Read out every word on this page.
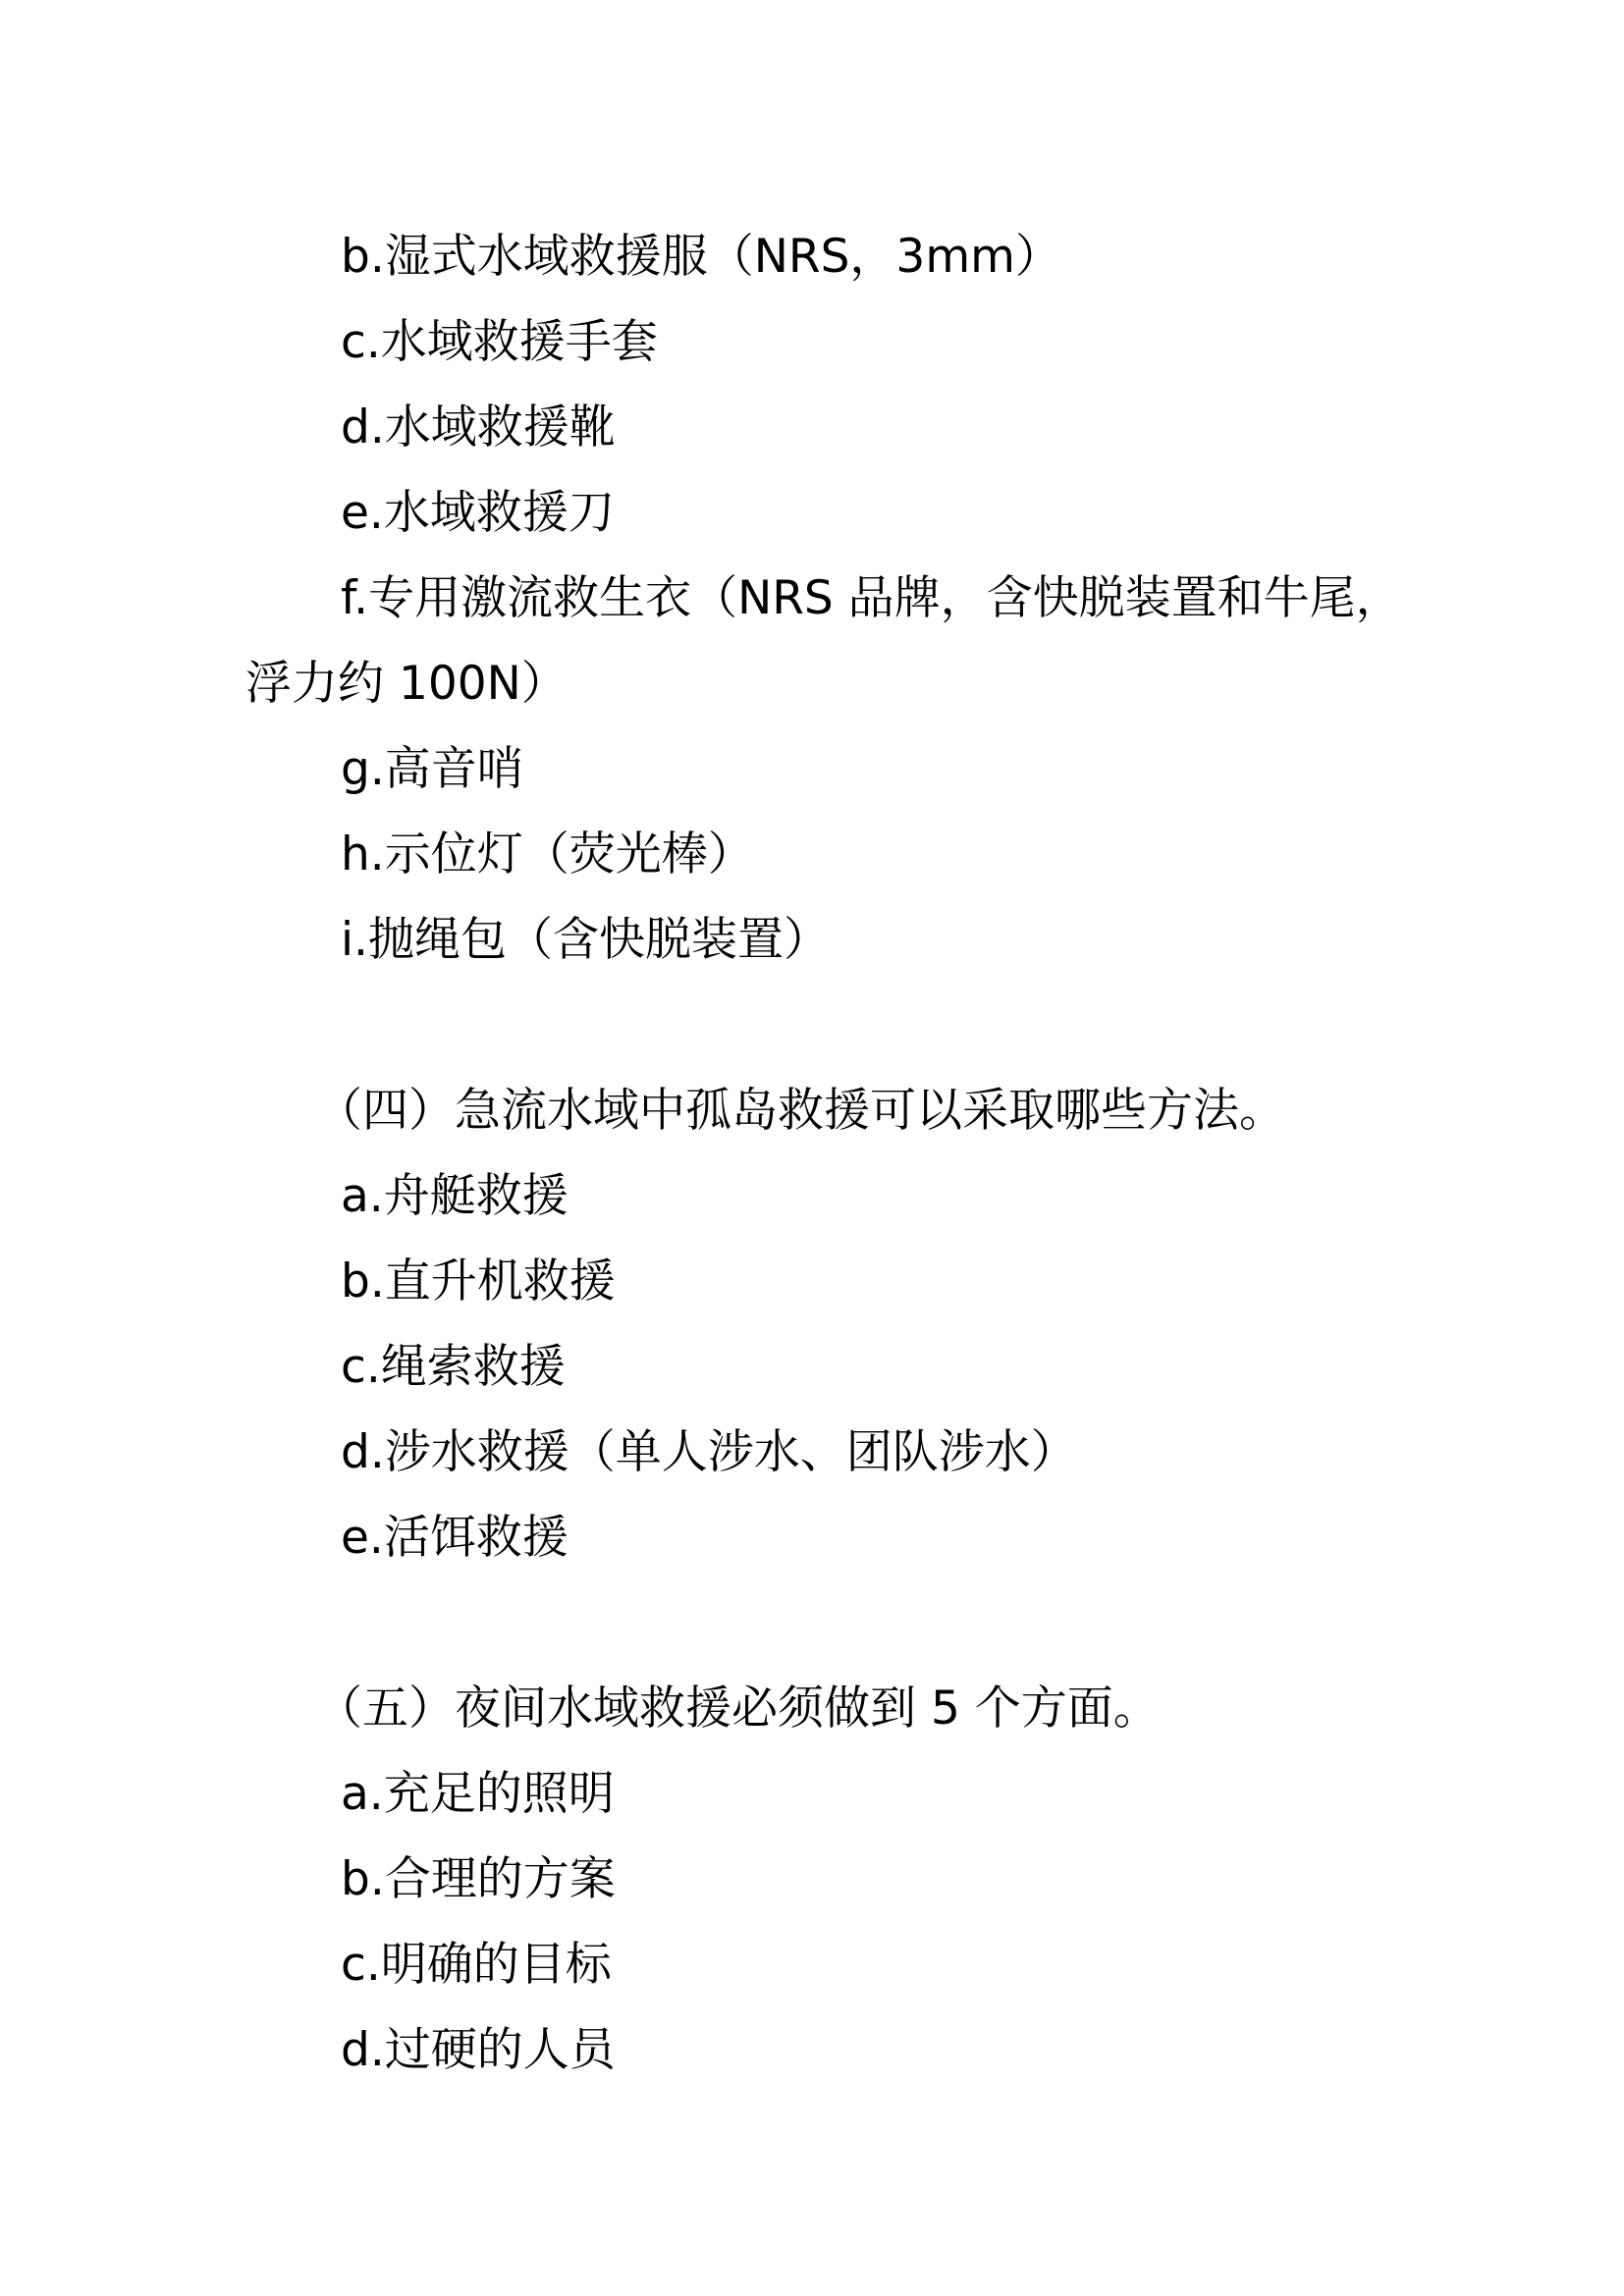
b.湿式水域救援服（NRS，3mm）
c.水域救援手套
d.水域救援靴
e.水域救援刀
f.专用激流救生衣（NRS 品牌，含快脱装置和牛尾，
浮力约 100N）
g.高音哨
h.示位灯（荧光棒）
i.抛绳包（含快脱装置）
（四）急流水域中孤岛救援可以采取哪些方法。
a.舟艇救援
b.直升机救援
c.绳索救援
d.涉水救援（单人涉水、团队涉水）
e.活饵救援
（五）夜间水域救援必须做到 5 个方面。
a.充足的照明
b.合理的方案
c.明确的目标
d.过硬的人员
